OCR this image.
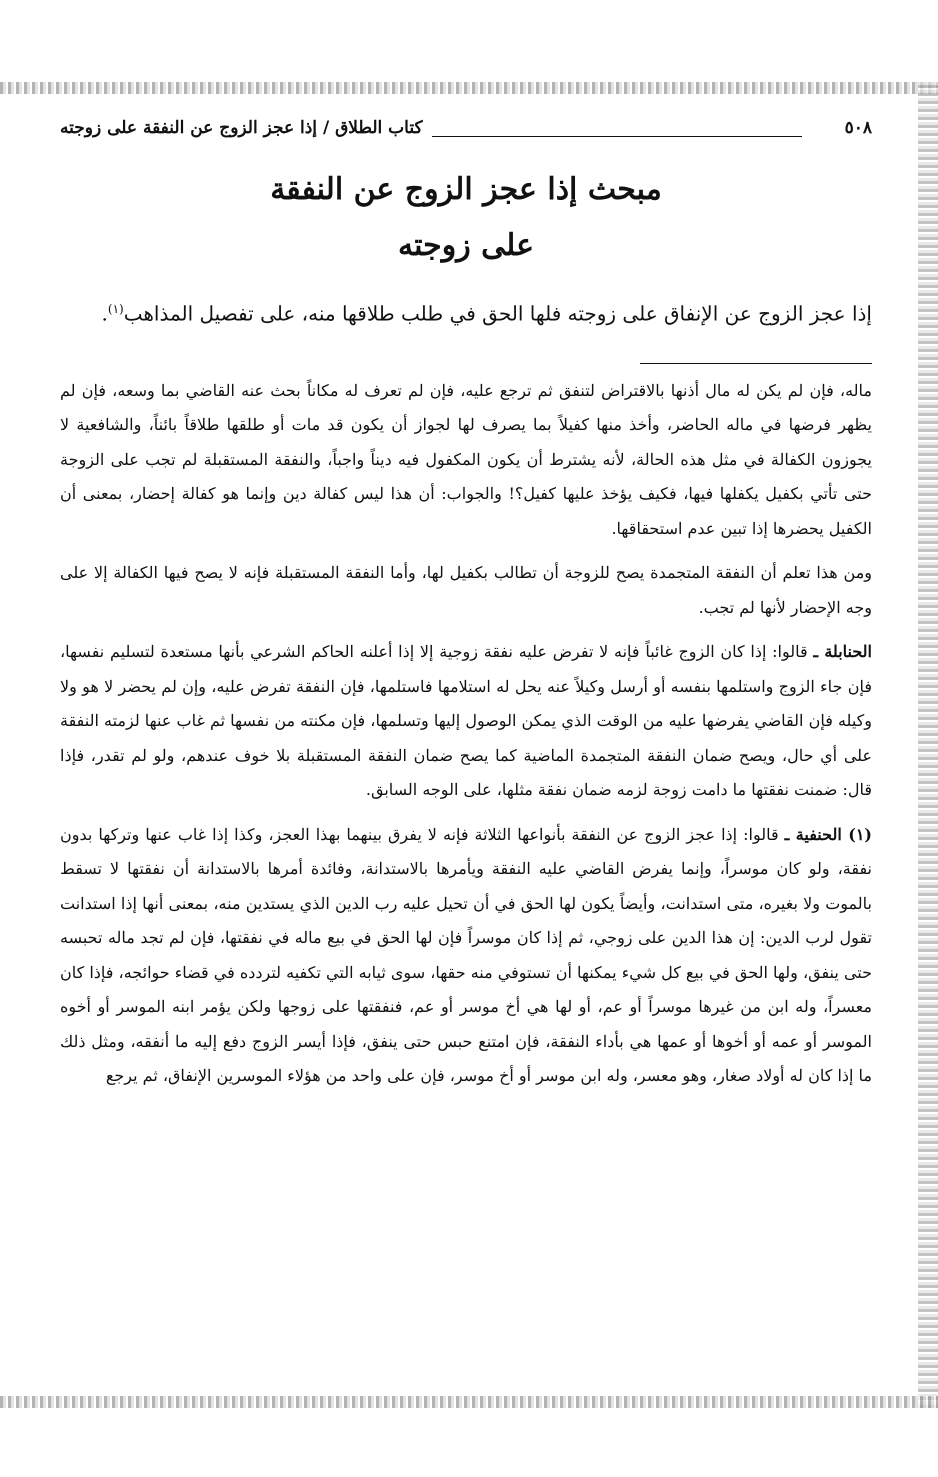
٥٠٨
كتاب الطلاق / إذا عجز الزوج عن النفقة على زوجته
مبحث إذا عجز الزوج عن النفقة
على زوجته

إذا عجز الزوج عن الإنفاق على زوجته فلها الحق في طلب طلاقها منه، على تفصيل المذاهب$^{(١)}$.

ماله، فإن لم يكن له مال أذنها بالاقتراض لتنفق ثم ترجع عليه، فإن لم تعرف له مكاناً بحث عنه القاضي بما وسعه، فإن لم يظهر فرضها في ماله الحاضر، وأخذ منها كفيلاً بما يصرف لها لجواز أن يكون قد مات أو طلقها طلاقاً بائناً، والشافعية لا يجوزون الكفالة في مثل هذه الحالة، لأنه يشترط أن يكون المكفول فيه ديناً واجباً، والنفقة المستقبلة لم تجب على الزوجة حتى تأتي بكفيل يكفلها فيها، فكيف يؤخذ عليها كفيل؟! والجواب: أن هذا ليس كفالة دين وإنما هو كفالة إحضار، بمعنى أن الكفيل يحضرها إذا تبين عدم استحقاقها.

ومن هذا تعلم أن النفقة المتجمدة يصح للزوجة أن تطالب بكفيل لها، وأما النفقة المستقبلة فإنه لا يصح فيها الكفالة إلا على وجه الإحضار لأنها لم تجب.

الحنابلة ـ قالوا: إذا كان الزوج غائباً فإنه لا تفرض عليه نفقة زوجية إلا إذا أعلنه الحاكم الشرعي بأنها مستعدة لتسليم نفسها، فإن جاء الزوج واستلمها بنفسه أو أرسل وكيلاً عنه يحل له استلامها فاستلمها، فإن النفقة تفرض عليه، وإن لم يحضر لا هو ولا وكيله فإن القاضي يفرضها عليه من الوقت الذي يمكن الوصول إليها وتسلمها، فإن مكنته من نفسها ثم غاب عنها لزمته النفقة على أي حال، ويصح ضمان النفقة المتجمدة الماضية كما يصح ضمان النفقة المستقبلة بلا خوف عندهم، ولو لم تقدر، فإذا قال: ضمنت نفقتها ما دامت زوجة لزمه ضمان نفقة مثلها، على الوجه السابق.

(١) الحنفية ـ قالوا: إذا عجز الزوج عن النفقة بأنواعها الثلاثة فإنه لا يفرق بينهما بهذا العجز، وكذا إذا غاب عنها وتركها بدون نفقة، ولو كان موسراً، وإنما يفرض القاضي عليه النفقة ويأمرها بالاستدانة، وفائدة أمرها بالاستدانة أن نفقتها لا تسقط بالموت ولا بغيره، متى استدانت، وأيضاً يكون لها الحق في أن تحيل عليه رب الدين الذي يستدين منه، بمعنى أنها إذا استدانت تقول لرب الدين: إن هذا الدين على زوجي، ثم إذا كان موسراً فإن لها الحق في بيع ماله في نفقتها، فإن لم تجد ماله تحبسه حتى ينفق، ولها الحق في بيع كل شيء يمكنها أن تستوفي منه حقها، سوى ثيابه التي تكفيه لتردده في قضاء حوائجه، فإذا كان معسراً، وله ابن من غيرها موسراً أو عم، أو لها هي أخ موسر أو عم، فنفقتها على زوجها ولكن يؤمر ابنه الموسر أو أخوه الموسر أو عمه أو أخوها أو عمها هي بأداء النفقة، فإن امتنع حبس حتى ينفق، فإذا أيسر الزوج دفع إليه ما أنفقه، ومثل ذلك ما إذا كان له أولاد صغار، وهو معسر، وله ابن موسر أو أخ موسر، فإن على واحد من هؤلاء الموسرين الإنفاق، ثم يرجع
